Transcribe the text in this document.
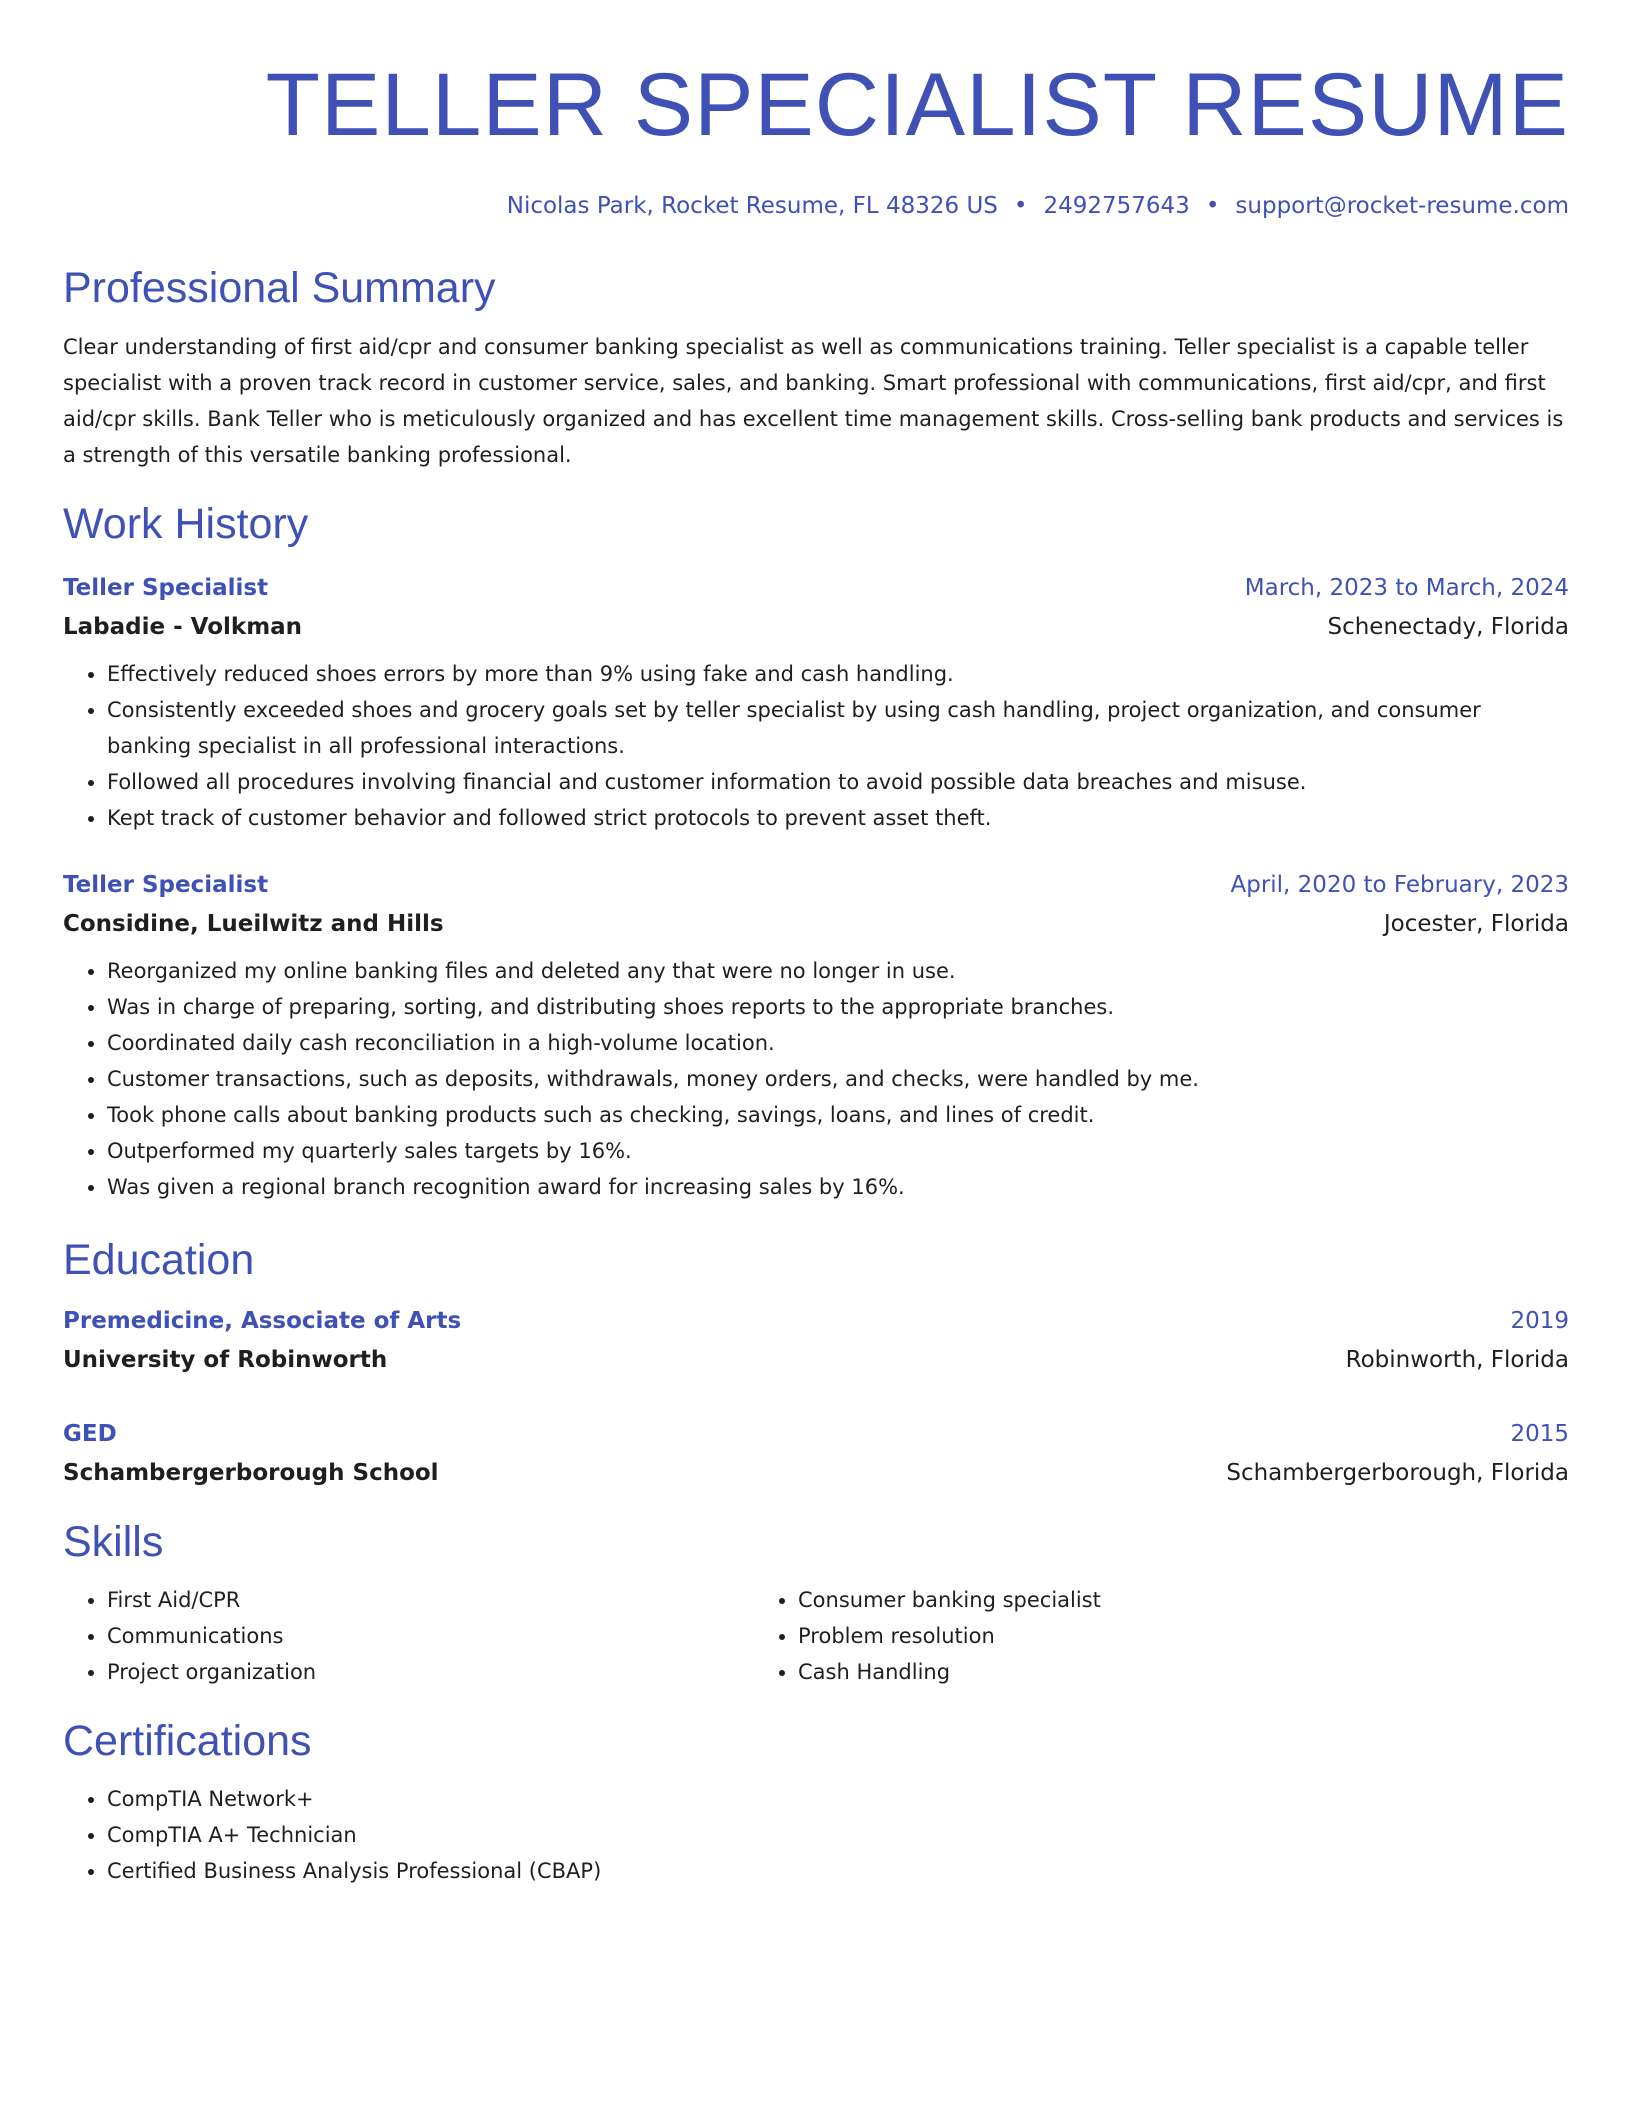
TELLER SPECIALIST RESUME
Nicolas Park, Rocket Resume, FL 48326 US • 2492757643 • support@rocket-resume.com
Professional Summary

Clear understanding of first aid/cpr and consumer banking specialist as well as communications training. Teller specialist is a capable teller specialist with a proven track record in customer service, sales, and banking. Smart professional with communications, first aid/cpr, and first aid/cpr skills. Bank Teller who is meticulously organized and has excellent time management skills. Cross-selling bank products and services is a strength of this versatile banking professional.

Work History
Teller Specialist	March, 2023 to March, 2024
Labadie - Volkman	Schenectady, Florida
• Effectively reduced shoes errors by more than 9% using fake and cash handling.
• Consistently exceeded shoes and grocery goals set by teller specialist by using cash handling, project organization, and consumer banking specialist in all professional interactions.
• Followed all procedures involving financial and customer information to avoid possible data breaches and misuse.
• Kept track of customer behavior and followed strict protocols to prevent asset theft.
Teller Specialist	April, 2020 to February, 2023
Considine, Lueilwitz and Hills	Jocester, Florida
• Reorganized my online banking files and deleted any that were no longer in use.
• Was in charge of preparing, sorting, and distributing shoes reports to the appropriate branches.
• Coordinated daily cash reconciliation in a high-volume location.
• Customer transactions, such as deposits, withdrawals, money orders, and checks, were handled by me.
• Took phone calls about banking products such as checking, savings, loans, and lines of credit.
• Outperformed my quarterly sales targets by 16%.
• Was given a regional branch recognition award for increasing sales by 16%.
Education
Premedicine, Associate of Arts	2019
University of Robinworth	Robinworth, Florida
GED	2015
Schambergerborough School	Schambergerborough, Florida
Skills
• First Aid/CPR
• Communications
• Project organization
• Consumer banking specialist
• Problem resolution
• Cash Handling
Certifications
• CompTIA Network+
• CompTIA A+ Technician
• Certified Business Analysis Professional (CBAP)
